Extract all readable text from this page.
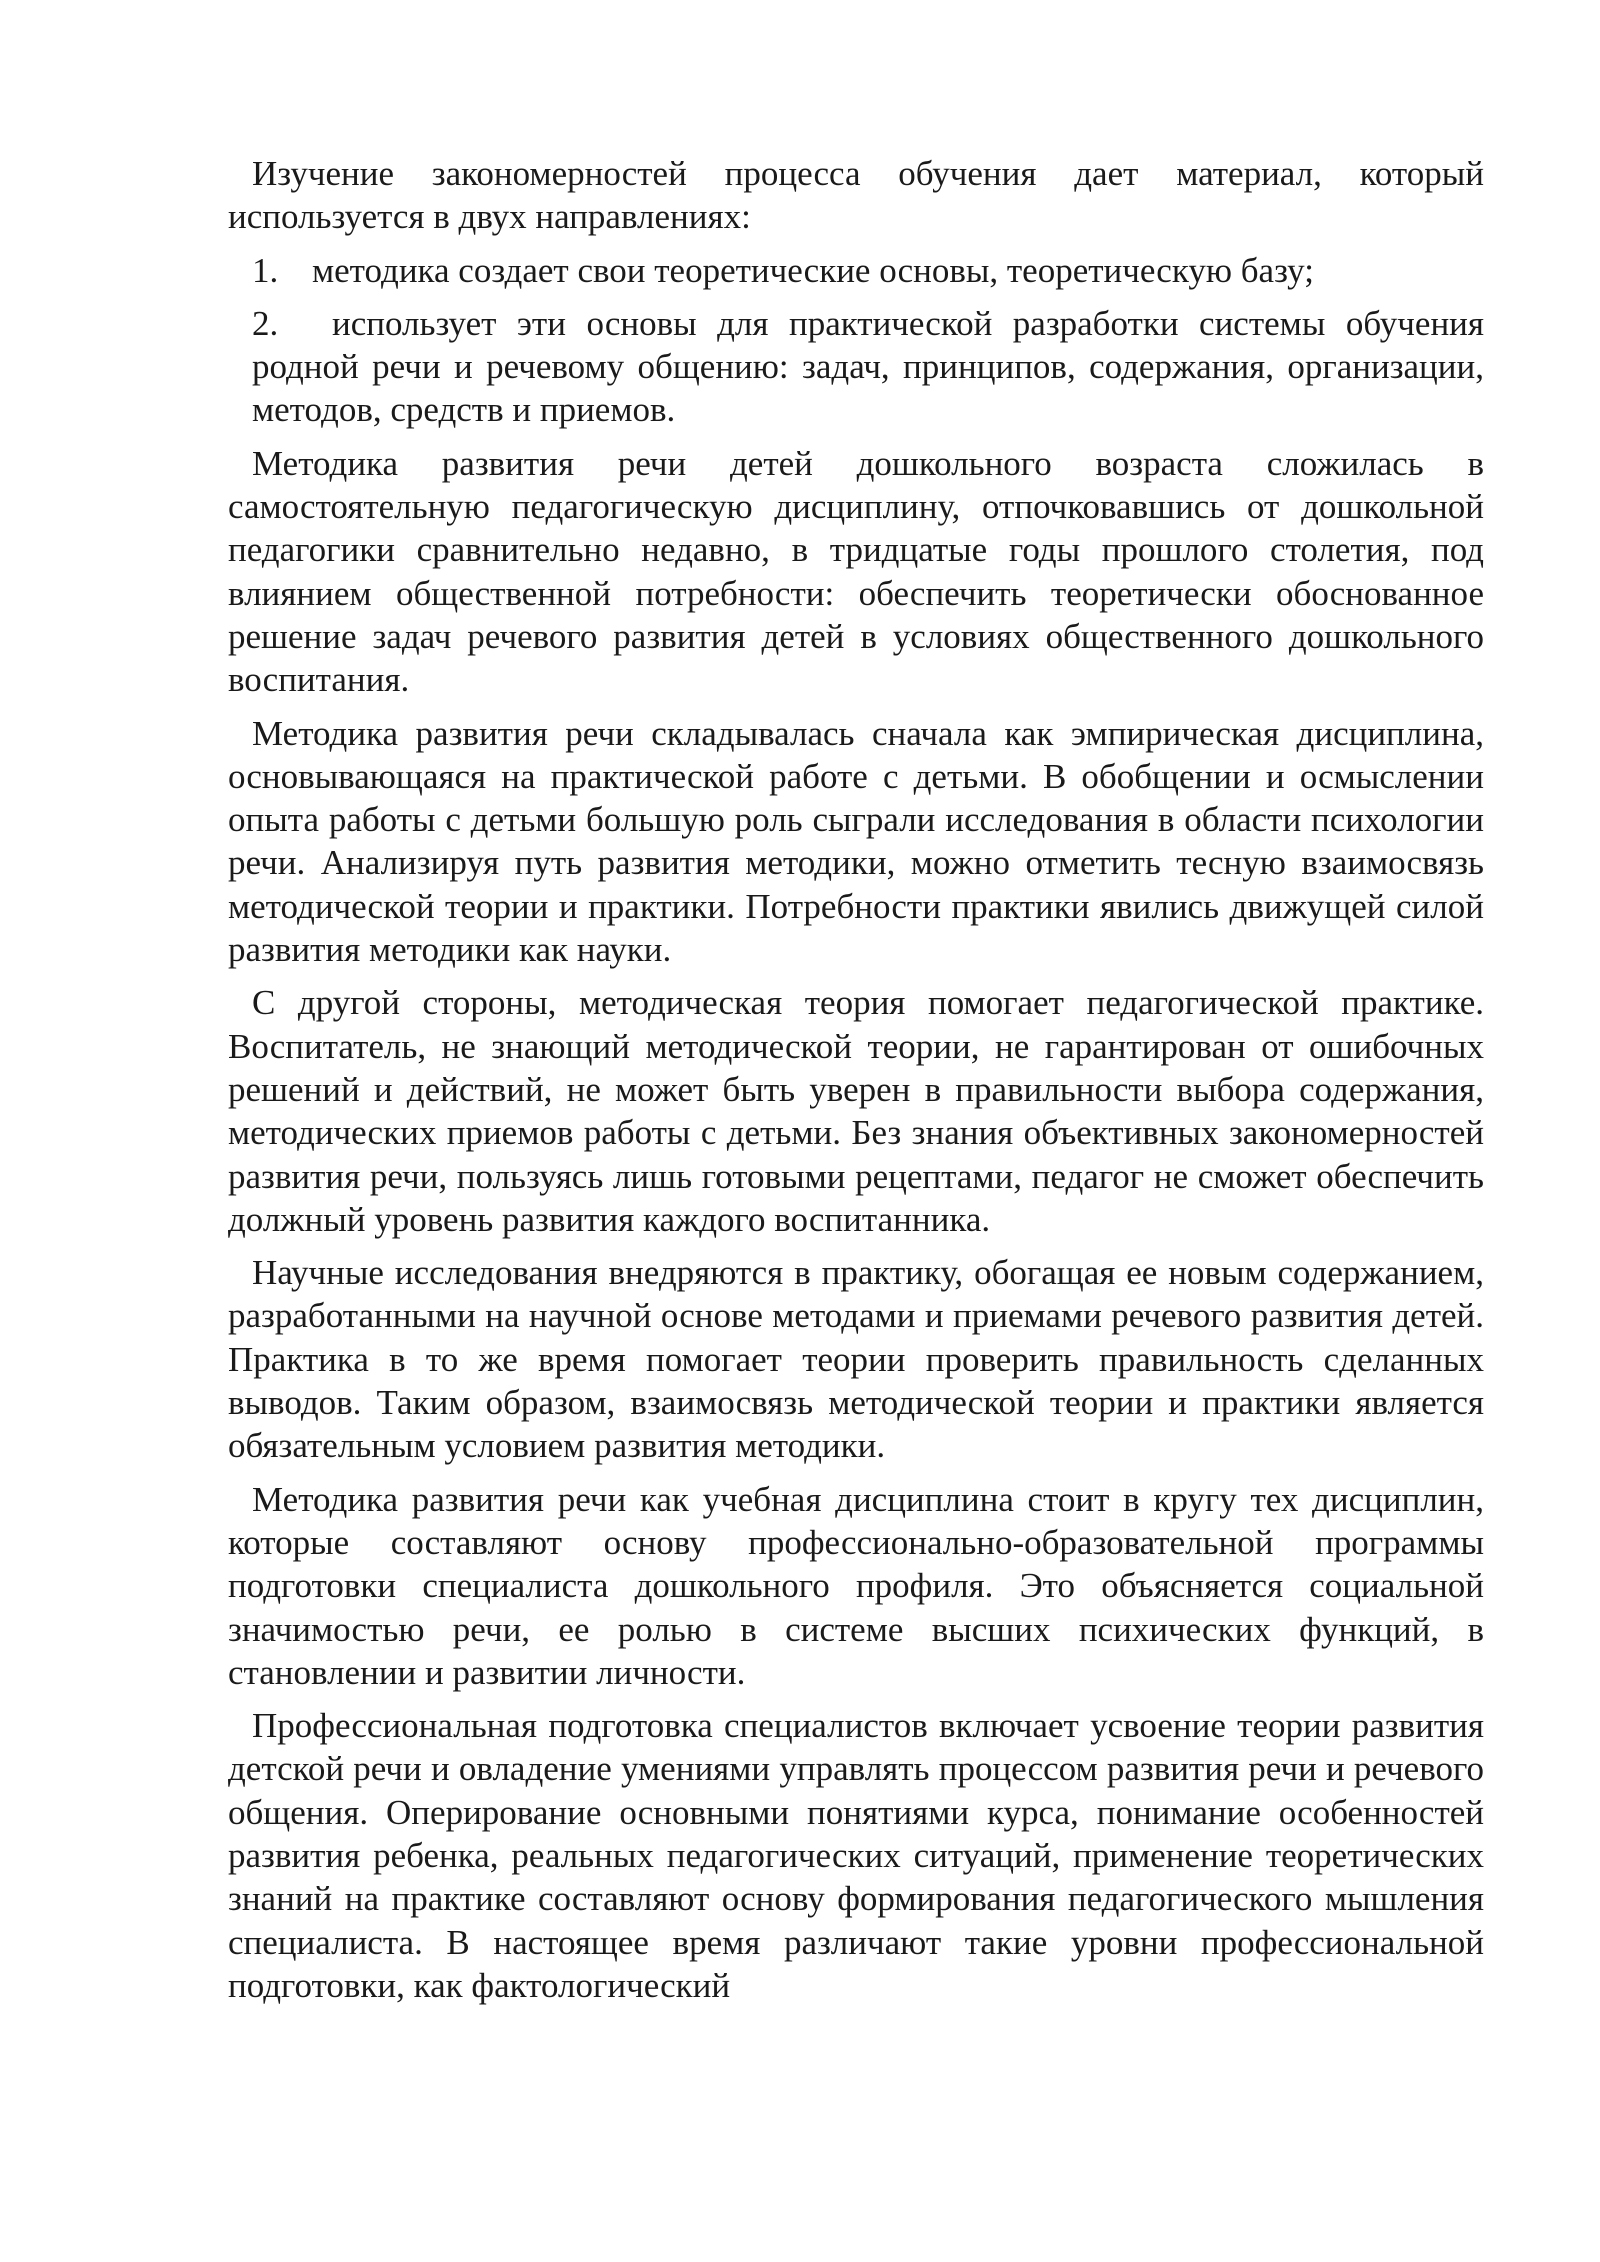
Изучение закономерностей процесса обучения дает материал, который используется в двух направлениях:

1. методика создает свои теоретические основы, теоретическую базу;

2. использует эти основы для практической разработки системы обучения родной речи и речевому общению: задач, принципов, содержания, организации, методов, средств и приемов.

Методика развития речи детей дошкольного возраста сложилась в самостоятельную педагогическую дисциплину, отпочковавшись от дошкольной педагогики сравнительно недавно, в тридцатые годы прошлого столетия, под влиянием общественной потребности: обеспечить теоретически обоснованное решение задач речевого развития детей в условиях общественного дошкольного воспитания.

Методика развития речи складывалась сначала как эмпирическая дисциплина, основывающаяся на практической работе с детьми. В обобщении и осмыслении опыта работы с детьми большую роль сыграли исследования в области психологии речи. Анализируя путь развития методики, можно отметить тесную взаимосвязь методической теории и практики. Потребности практики явились движущей силой развития методики как науки.

С другой стороны, методическая теория помогает педагогической практике. Воспитатель, не знающий методической теории, не гарантирован от ошибочных решений и действий, не может быть уверен в правильности выбора содержания, методических приемов работы с детьми. Без знания объективных закономерностей развития речи, пользуясь лишь готовыми рецептами, педагог не сможет обеспечить должный уровень развития каждого воспитанника.

Научные исследования внедряются в практику, обогащая ее новым содержанием, разработанными на научной основе методами и приемами речевого развития детей. Практика в то же время помогает теории проверить правильность сделанных выводов. Таким образом, взаимосвязь методической теории и практики является обязательным условием развития методики.

Методика развития речи как учебная дисциплина стоит в кругу тех дисциплин, которые составляют основу профессионально-образовательной программы подготовки специалиста дошкольного профиля. Это объясняется социальной значимостью речи, ее ролью в системе высших психических функций, в становлении и развитии личности.

Профессиональная подготовка специалистов включает усвоение теории развития детской речи и овладение умениями управлять процессом развития речи и речевого общения. Оперирование основными понятиями курса, понимание особенностей развития ребенка, реальных педагогических ситуаций, применение теоретических знаний на практике составляют основу формирования педагогического мышления специалиста. В настоящее время различают такие уровни профессиональной подготовки, как фактологический
